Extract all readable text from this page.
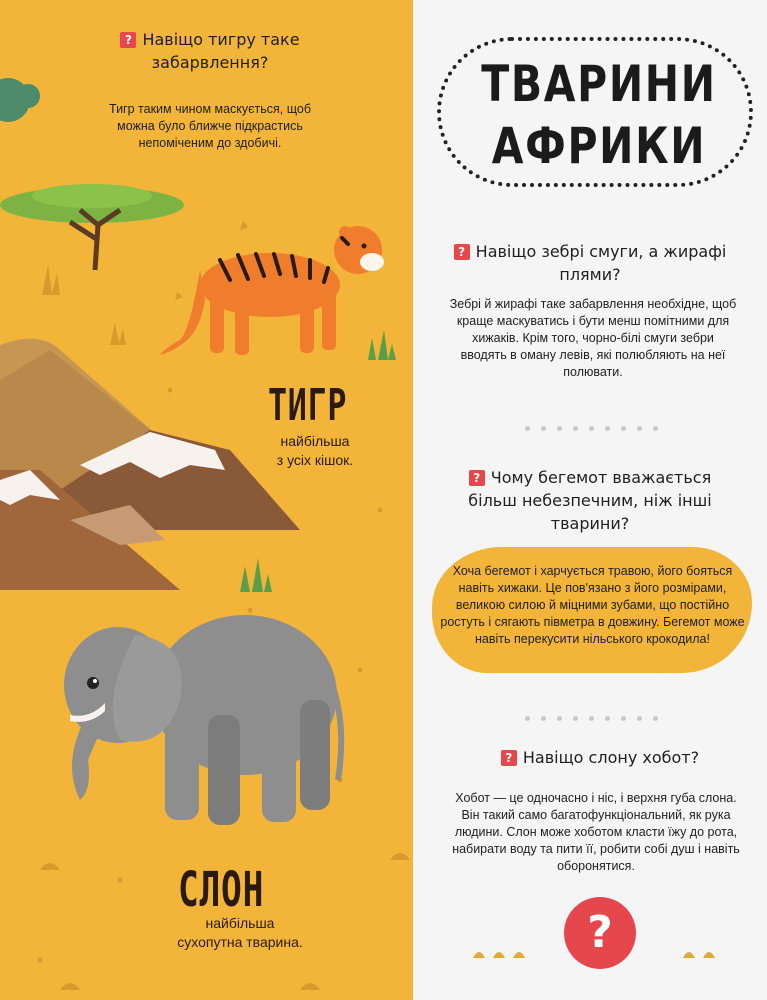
? Навіщо тигру таке забарвлення?
Тигр таким чином маскується, щоб можна було ближче підкрастись непоміченим до здобичі.
ТИГР
найбільша
з усіх кішок.
СЛОН
найбільша
сухопутна тварина.
ТВАРИНИ
АФРИКИ
? Навіщо зебрі смуги, а жирафі плями?
Зебрі й жирафі таке забарвлення необхідне, щоб краще маскуватись і бути менш помітними для хижаків. Крім того, чорно-білі смуги зебри вводять в оману левів, які полюбляють на неї полювати.
? Чому бегемот вважається більш небезпечним, ніж інші тварини?
Хоча бегемот і харчується травою, його бояться навіть хижаки. Це пов'язано з його розмірами, великою силою й міцними зубами, що постійно ростуть і сягають півметра в довжину. Бегемот може навіть перекусити нільського крокодила!
? Навіщо слону хобот?
Хобот — це одночасно і ніс, і верхня губа слона. Він такий само багатофункціональний, як рука людини. Слон може хоботом класти їжу до рота, набирати воду та пити її, робити собі душ і навіть оборонятися.
?
